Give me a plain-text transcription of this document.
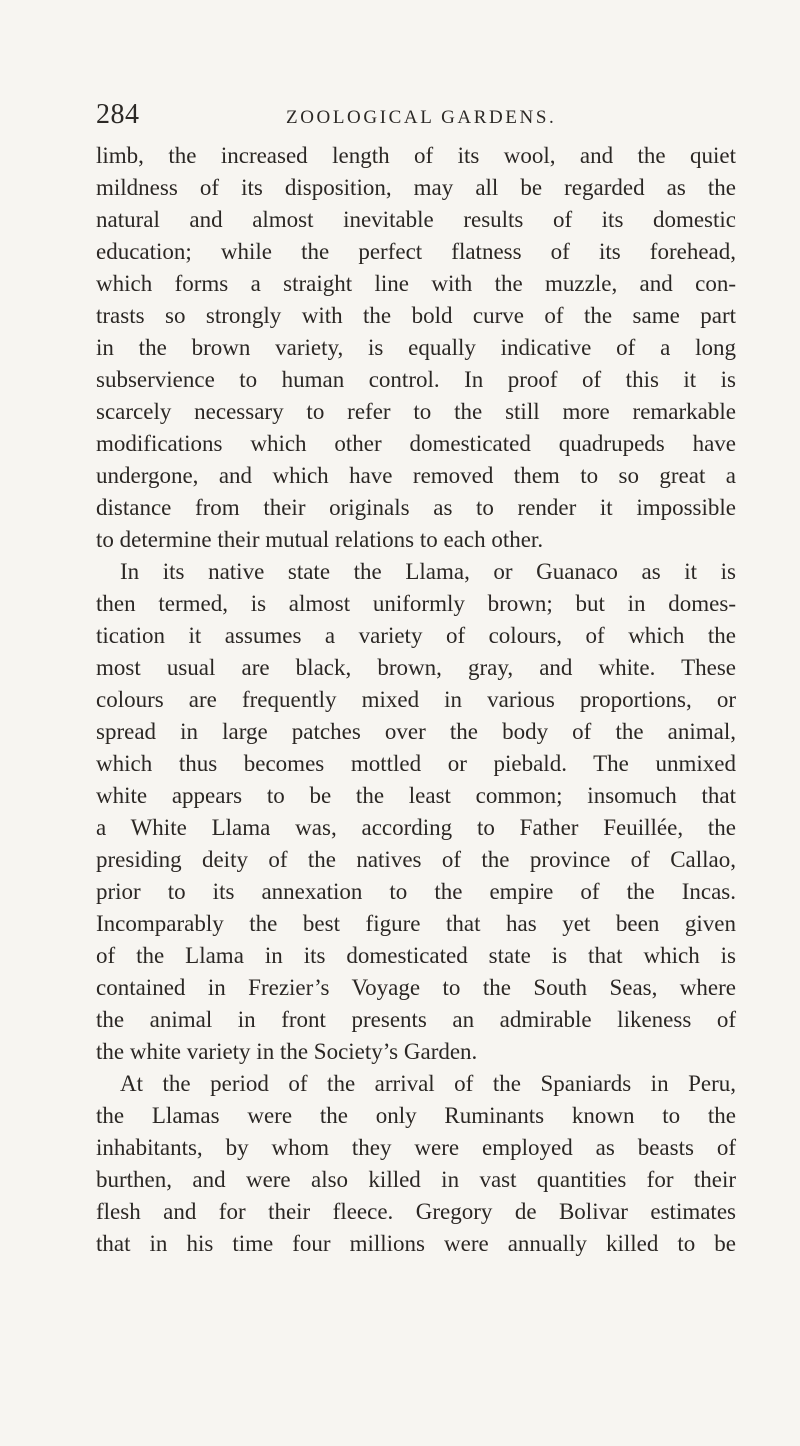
284	ZOOLOGICAL GARDENS.
limb, the increased length of its wool, and the quiet
mildness of its disposition, may all be regarded as the
natural and almost inevitable results of its domestic
education; while the perfect flatness of its forehead,
which forms a straight line with the muzzle, and con-
trasts so strongly with the bold curve of the same part
in the brown variety, is equally indicative of a long
subservience to human control. In proof of this it is
scarcely necessary to refer to the still more remarkable
modifications which other domesticated quadrupeds have
undergone, and which have removed them to so great a
distance from their originals as to render it impossible
to determine their mutual relations to each other.
In its native state the Llama, or Guanaco as it is
then termed, is almost uniformly brown; but in domes-
tication it assumes a variety of colours, of which the
most usual are black, brown, gray, and white. These
colours are frequently mixed in various proportions, or
spread in large patches over the body of the animal,
which thus becomes mottled or piebald. The unmixed
white appears to be the least common; insomuch that
a White Llama was, according to Father Feuillée, the
presiding deity of the natives of the province of Callao,
prior to its annexation to the empire of the Incas.
Incomparably the best figure that has yet been given
of the Llama in its domesticated state is that which is
contained in Frezier’s Voyage to the South Seas, where
the animal in front presents an admirable likeness of
the white variety in the Society’s Garden.
At the period of the arrival of the Spaniards in Peru,
the Llamas were the only Ruminants known to the
inhabitants, by whom they were employed as beasts of
burthen, and were also killed in vast quantities for their
flesh and for their fleece. Gregory de Bolivar estimates
that in his time four millions were annually killed to be
